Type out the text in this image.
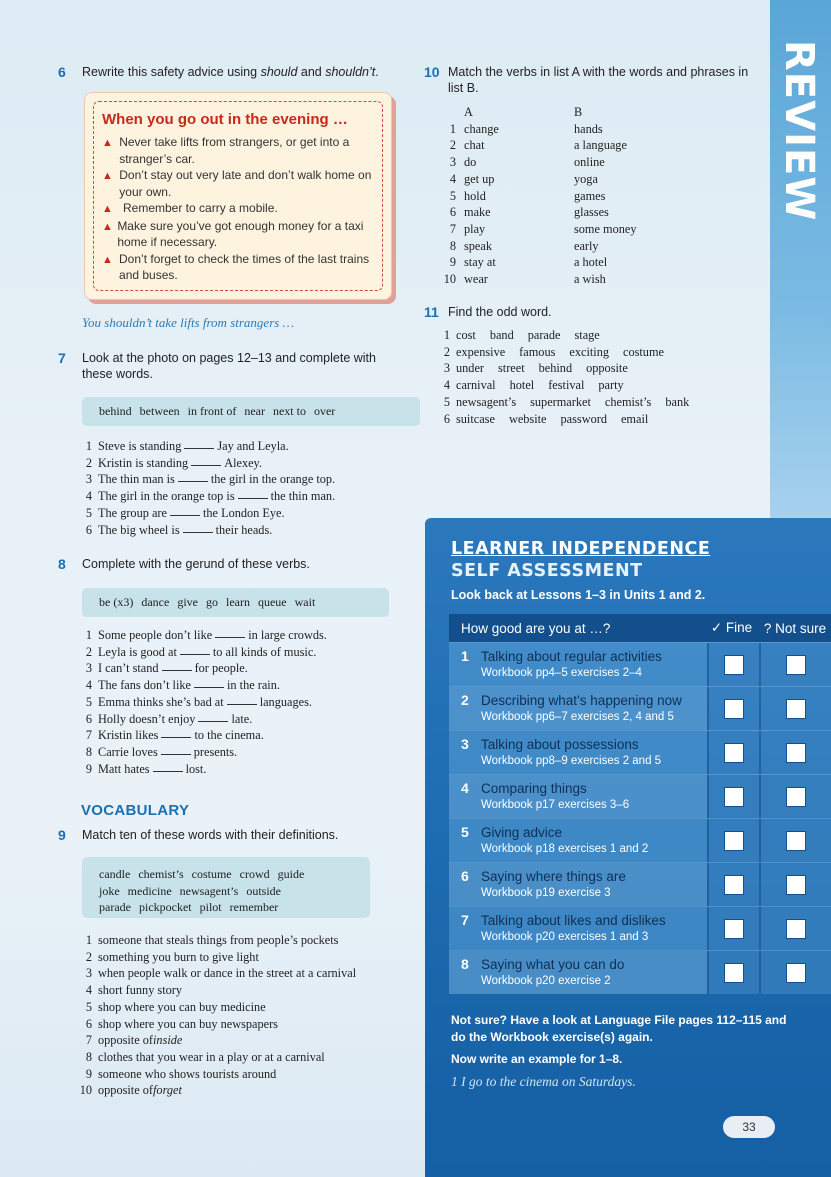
REVIEW
6	Rewrite this safety advice using should and shouldn’t.
When you go out in the evening …
▲ Never take lifts from strangers, or get into a stranger’s car.
▲ Don’t stay out very late and don’t walk home on your own.
▲ Remember to carry a mobile.
▲ Make sure you’ve got enough money for a taxi home if necessary.
▲ Don’t forget to check the times of the last trains and buses.
You shouldn’t take lifts from strangers …
7	Look at the photo on pages 12–13 and complete with these words.
behind between in front of near next to over
1 Steve is standing	Jay and Leyla.
2 Kristin is standing	Alexey.
3 The thin man is	the girl in the orange top.
4 The girl in the orange top is	the thin man.
5 The group are	the London Eye.
6 The big wheel is	their heads.
8	Complete with the gerund of these verbs.
be (x3) dance give go learn queue wait
1 Some people don’t like	in large crowds.
2 Leyla is good at	to all kinds of music.
3 I can’t stand	for people.
4 The fans don’t like	in the rain.
5 Emma thinks she’s bad at	languages.
6 Holly doesn’t enjoy	late.
7 Kristin likes	to the cinema.
8 Carrie loves	presents.
9 Matt hates	lost.
VOCABULARY
9	Match ten of these words with their definitions.
candle chemist’s costume crowd guide
joke medicine newsagent’s outside
parade pickpocket pilot remember
1 someone that steals things from people’s pockets
2 something you burn to give light
3 when people walk or dance in the street at a carnival
4 short funny story
5 shop where you can buy medicine
6 shop where you can buy newspapers
7 opposite of inside
8 clothes that you wear in a play or at a carnival
9 someone who shows tourists around
10 opposite of forget
10 Match the verbs in list A with the words and phrases in list B.
A	B
1 change	hands
2 chat	a language
3 do	online
4 get up	yoga
5 hold	games
6 make	glasses
7 play	some money
8 speak	early
9 stay at	a hotel
10 wear	a wish
11 Find the odd word.
1 cost band parade stage
2 expensive famous exciting costume
3 under street behind opposite
4 carnival hotel festival party
5 newsagent’s supermarket chemist’s bank
6 suitcase website password email
LEARNER INDEPENDENCE
SELF ASSESSMENT
Look back at Lessons 1–3 in Units 1 and 2.
How good are you at …?	✓ Fine ? Not sure
1 Talking about regular activities
Workbook pp4–5 exercises 2–4
2 Describing what’s happening now
Workbook pp6–7 exercises 2, 4 and 5
3 Talking about possessions
Workbook pp8–9 exercises 2 and 5
4 Comparing things
Workbook p17 exercises 3–6
5 Giving advice
Workbook p18 exercises 1 and 2
6 Saying where things are
Workbook p19 exercise 3
7 Talking about likes and dislikes
Workbook p20 exercises 1 and 3
8 Saying what you can do
Workbook p20 exercise 2
Not sure? Have a look at Language File pages 112–115 and do the Workbook exercise(s) again.
Now write an example for 1–8.
1 I go to the cinema on Saturdays.
33
